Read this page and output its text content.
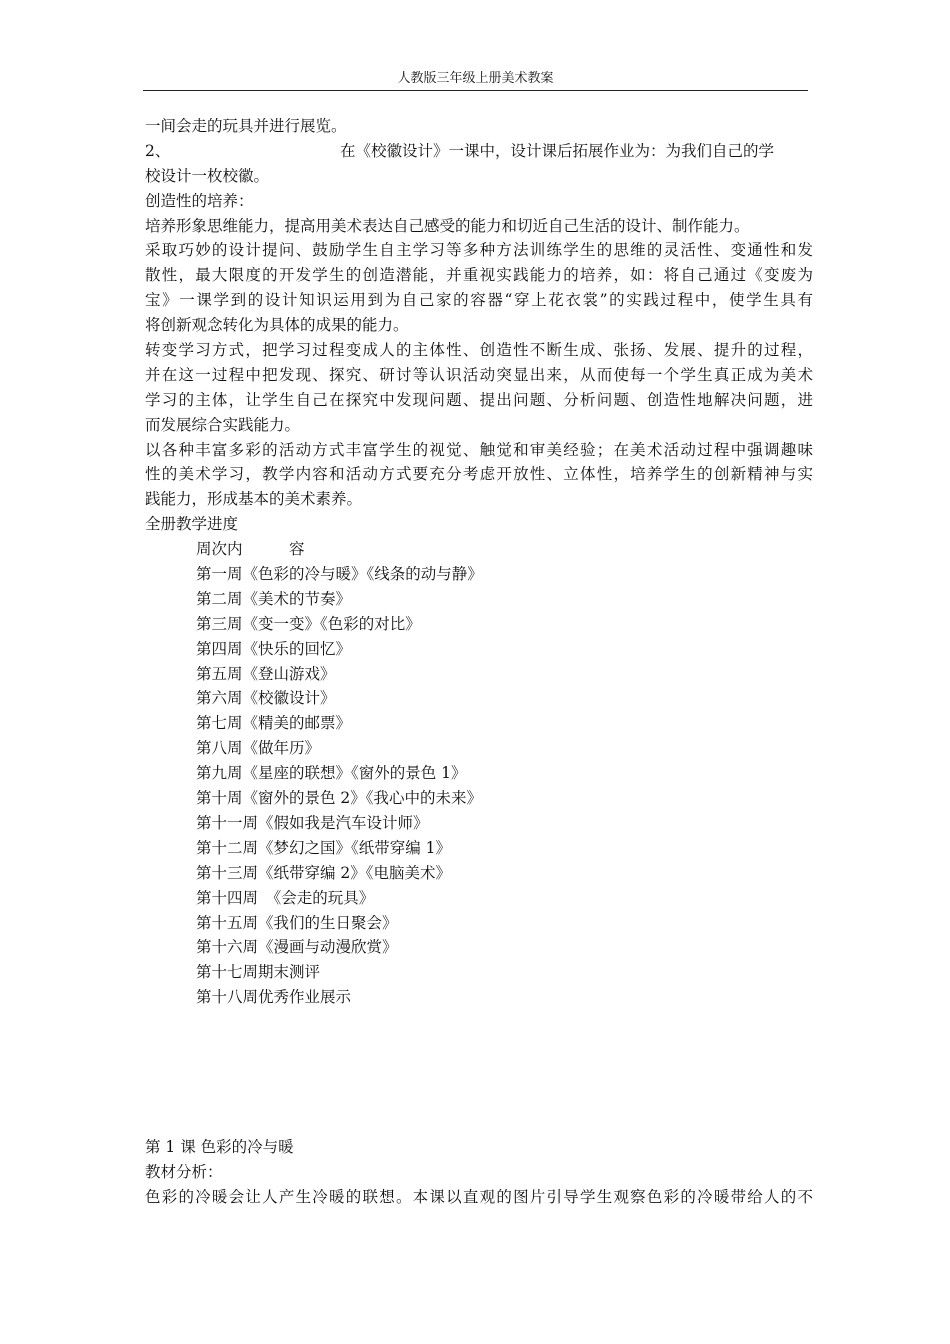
人教版三年级上册美术教案
一间会走的玩具并进行展览。
2、	在《校徽设计》一课中，设计课后拓展作业为：为我们自己的学
校设计一枚校徽。
创造性的培养：
培养形象思维能力，提高用美术表达自己感受的能力和切近自己生活的设计、制作能力。
采取巧妙的设计提问、鼓励学生自主学习等多种方法训练学生的思维的灵活性、变通性和发
散性，最大限度的开发学生的创造潜能，并重视实践能力的培养，如：将自己通过《变废为
宝》一课学到的设计知识运用到为自己家的容器“穿上花衣裳”的实践过程中，使学生具有
将创新观念转化为具体的成果的能力。
转变学习方式，把学习过程变成人的主体性、创造性不断生成、张扬、发展、提升的过程，
并在这一过程中把发现、探究、研讨等认识活动突显出来，从而使每一个学生真正成为美术
学习的主体，让学生自己在探究中发现问题、提出问题、分析问题、创造性地解决问题，进
而发展综合实践能力。
以各种丰富多彩的活动方式丰富学生的视觉、触觉和审美经验；在美术活动过程中强调趣味
性的美术学习，教学内容和活动方式要充分考虑开放性、立体性，培养学生的创新精神与实
践能力，形成基本的美术素养。
全册教学进度
周次内　　　容
第一周《色彩的冷与暖》《线条的动与静》
第二周《美术的节奏》
第三周《变一变》《色彩的对比》
第四周《快乐的回忆》
第五周《登山游戏》
第六周《校徽设计》
第七周《精美的邮票》
第八周《做年历》
第九周《星座的联想》《窗外的景色 1》
第十周《窗外的景色 2》《我心中的未来》
第十一周《假如我是汽车设计师》
第十二周《梦幻之国》《纸带穿编 1》
第十三周《纸带穿编 2》《电脑美术》
第十四周　《会走的玩具》
第十五周《我们的生日聚会》
第十六周《漫画与动漫欣赏》
第十七周期末测评
第十八周优秀作业展示
第 1 课 色彩的冷与暖
教材分析：
色彩的冷暖会让人产生冷暖的联想。本课以直观的图片引导学生观察色彩的冷暖带给人的不
